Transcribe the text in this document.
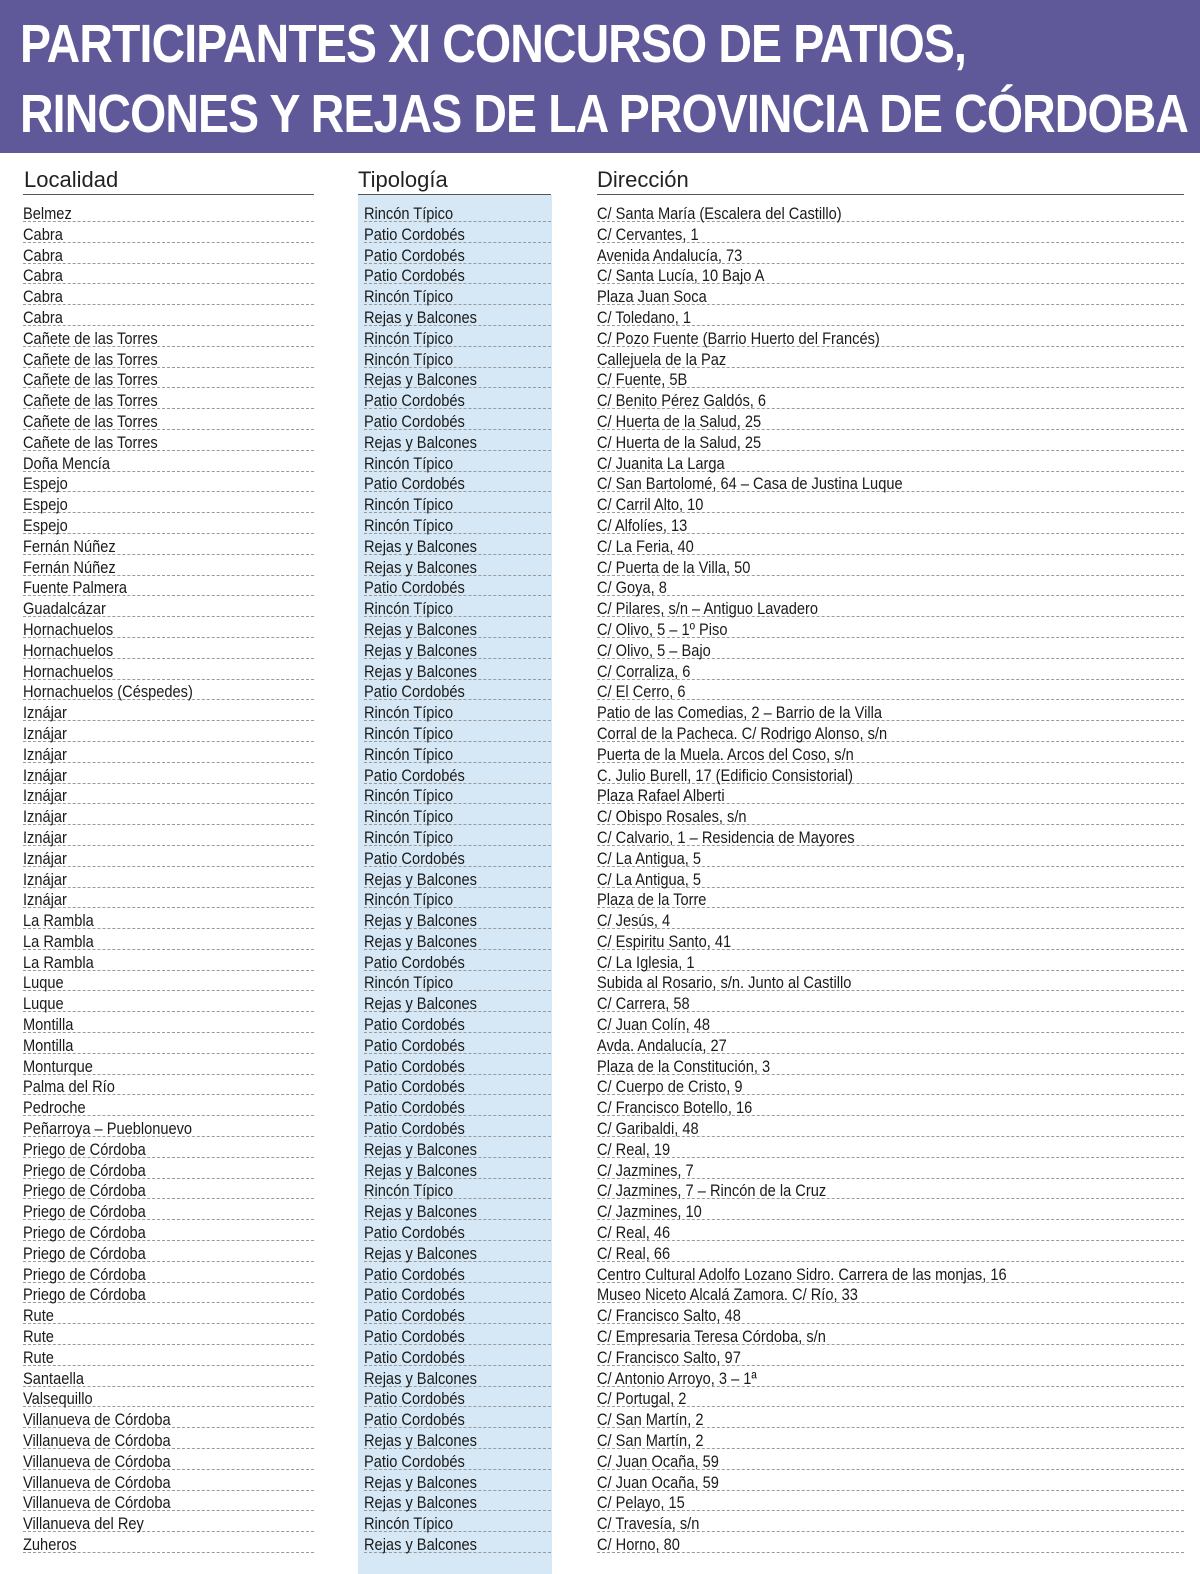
PARTICIPANTES XI CONCURSO DE PATIOS,
RINCONES Y REJAS DE LA PROVINCIA DE CÓRDOBA
Localidad	Tipología	Dirección
Belmez	Rincón Típico	C/ Santa María (Escalera del Castillo)
Cabra	Patio Cordobés	C/ Cervantes, 1
Cabra	Patio Cordobés	Avenida Andalucía, 73
Cabra	Patio Cordobés	C/ Santa Lucía, 10 Bajo A
Cabra	Rincón Típico	Plaza Juan Soca
Cabra	Rejas y Balcones	C/ Toledano, 1
Cañete de las Torres	Rincón Típico	C/ Pozo Fuente (Barrio Huerto del Francés)
Cañete de las Torres	Rincón Típico	Callejuela de la Paz
Cañete de las Torres	Rejas y Balcones	C/ Fuente, 5B
Cañete de las Torres	Patio Cordobés	C/ Benito Pérez Galdós, 6
Cañete de las Torres	Patio Cordobés	C/ Huerta de la Salud, 25
Cañete de las Torres	Rejas y Balcones	C/ Huerta de la Salud, 25
Doña Mencía	Rincón Típico	C/ Juanita La Larga
Espejo	Patio Cordobés	C/ San Bartolomé, 64 – Casa de Justina Luque
Espejo	Rincón Típico	C/ Carril Alto, 10
Espejo	Rincón Típico	C/ Alfolíes, 13
Fernán Núñez	Rejas y Balcones	C/ La Feria, 40
Fernán Núñez	Rejas y Balcones	C/ Puerta de la Villa, 50
Fuente Palmera	Patio Cordobés	C/ Goya, 8
Guadalcázar	Rincón Típico	C/ Pilares, s/n – Antiguo Lavadero
Hornachuelos	Rejas y Balcones	C/ Olivo, 5 – 1º Piso
Hornachuelos	Rejas y Balcones	C/ Olivo, 5 – Bajo
Hornachuelos	Rejas y Balcones	C/ Corraliza, 6
Hornachuelos (Céspedes)	Patio Cordobés	C/ El Cerro, 6
Iznájar	Rincón Típico	Patio de las Comedias, 2 – Barrio de la Villa
Iznájar	Rincón Típico	Corral de la Pacheca. C/ Rodrigo Alonso, s/n
Iznájar	Rincón Típico	Puerta de la Muela. Arcos del Coso, s/n
Iznájar	Patio Cordobés	C. Julio Burell, 17 (Edificio Consistorial)
Iznájar	Rincón Típico	Plaza Rafael Alberti
Iznájar	Rincón Típico	C/ Obispo Rosales, s/n
Iznájar	Rincón Típico	C/ Calvario, 1 – Residencia de Mayores
Iznájar	Patio Cordobés	C/ La Antigua, 5
Iznájar	Rejas y Balcones	C/ La Antigua, 5
Iznájar	Rincón Típico	Plaza de la Torre
La Rambla	Rejas y Balcones	C/ Jesús, 4
La Rambla	Rejas y Balcones	C/ Espiritu Santo, 41
La Rambla	Patio Cordobés	C/ La Iglesia, 1
Luque	Rincón Típico	Subida al Rosario, s/n. Junto al Castillo
Luque	Rejas y Balcones	C/ Carrera, 58
Montilla	Patio Cordobés	C/ Juan Colín, 48
Montilla	Patio Cordobés	Avda. Andalucía, 27
Monturque	Patio Cordobés	Plaza de la Constitución, 3
Palma del Río	Patio Cordobés	C/ Cuerpo de Cristo, 9
Pedroche	Patio Cordobés	C/ Francisco Botello, 16
Peñarroya – Pueblonuevo	Patio Cordobés	C/ Garibaldi, 48
Priego de Córdoba	Rejas y Balcones	C/ Real, 19
Priego de Córdoba	Rejas y Balcones	C/ Jazmines, 7
Priego de Córdoba	Rincón Típico	C/ Jazmines, 7 – Rincón de la Cruz
Priego de Córdoba	Rejas y Balcones	C/ Jazmines, 10
Priego de Córdoba	Patio Cordobés	C/ Real, 46
Priego de Córdoba	Rejas y Balcones	C/ Real, 66
Priego de Córdoba	Patio Cordobés	Centro Cultural Adolfo Lozano Sidro. Carrera de las monjas, 16
Priego de Córdoba	Patio Cordobés	Museo Niceto Alcalá Zamora. C/ Río, 33
Rute	Patio Cordobés	C/ Francisco Salto, 48
Rute	Patio Cordobés	C/ Empresaria Teresa Córdoba, s/n
Rute	Patio Cordobés	C/ Francisco Salto, 97
Santaella	Rejas y Balcones	C/ Antonio Arroyo, 3 – 1ª
Valsequillo	Patio Cordobés	C/ Portugal, 2
Villanueva de Córdoba	Patio Cordobés	C/ San Martín, 2
Villanueva de Córdoba	Rejas y Balcones	C/ San Martín, 2
Villanueva de Córdoba	Patio Cordobés	C/ Juan Ocaña, 59
Villanueva de Córdoba	Rejas y Balcones	C/ Juan Ocaña, 59
Villanueva de Córdoba	Rejas y Balcones	C/ Pelayo, 15
Villanueva del Rey	Rincón Típico	C/ Travesía, s/n
Zuheros	Rejas y Balcones	C/ Horno, 80
